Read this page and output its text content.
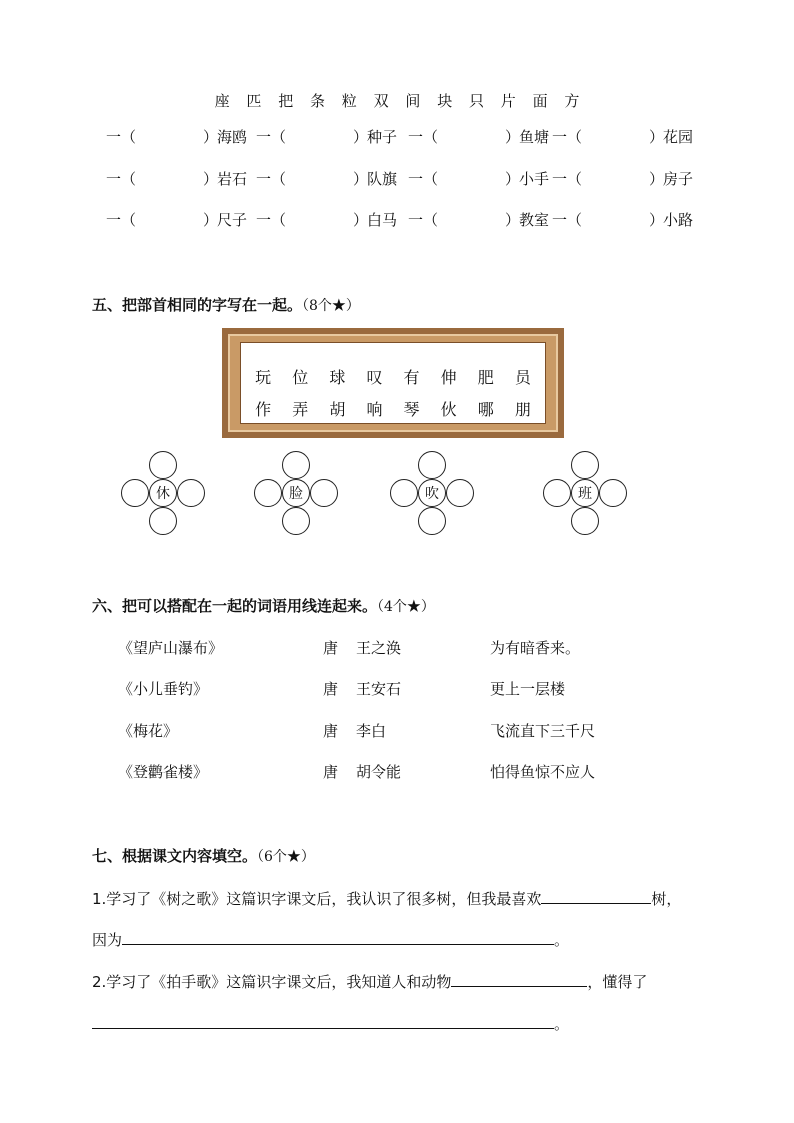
座 匹 把 条 粒 双 间 块 只 片 面 方
一（	）海鸥 一（	）种子 一（	）鱼塘 一（	）花园
一（	）岩石 一（	）队旗 一（	）小手 一（	）房子
一（	）尺子 一（	）白马 一（	）教室 一（	）小路
五、把部首相同的字写在一起。（8个★）
玩 位 球 叹 有 伸 肥 员
作 弄 胡 响 琴 伙 哪 朋
休	脸	吹	班
六、把可以搭配在一起的词语用线连起来。（4个★）
《望庐山瀑布》	唐 王之涣	为有暗香来。
《小儿垂钓》	唐 王安石	更上一层楼
《梅花》	唐 李白	飞流直下三千尺
《登鹳雀楼》	唐 胡令能	怕得鱼惊不应人
七、根据课文内容填空。（6个★）
1.学习了《树之歌》这篇识字课文后，我认识了很多树，但我最喜欢	树，
因为	。
2.学习了《拍手歌》这篇识字课文后，我知道人和动物	，懂得了
。
